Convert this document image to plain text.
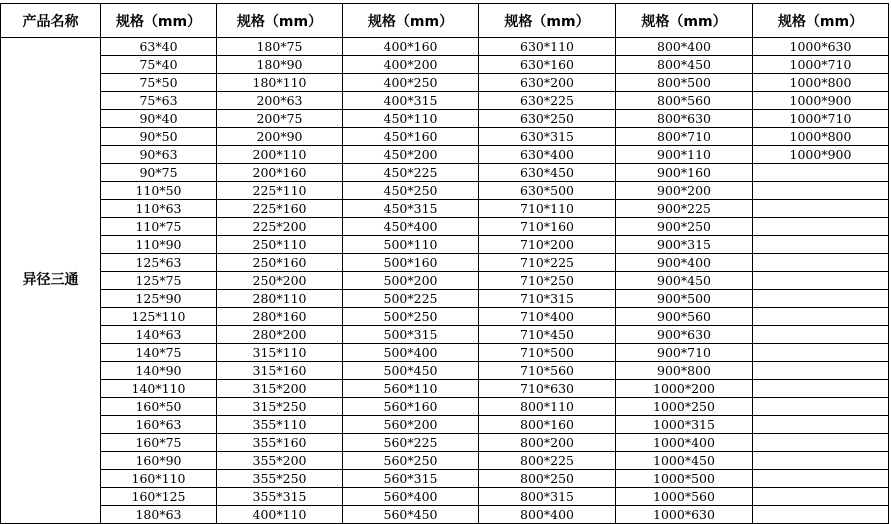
产品名称	规格（mm）	规格（mm）	规格（mm）	规格（mm）	规格（mm）	规格（mm）
异径三通	63*40	180*75	400*160	630*110	800*400	1000*630
	75*40	180*90	400*200	630*160	800*450	1000*710
	75*50	180*110	400*250	630*200	800*500	1000*800
	75*63	200*63	400*315	630*225	800*560	1000*900
	90*40	200*75	450*110	630*250	800*630	1000*710
	90*50	200*90	450*160	630*315	800*710	1000*800
	90*63	200*110	450*200	630*400	900*110	1000*900
	90*75	200*160	450*225	630*450	900*160	
	110*50	225*110	450*250	630*500	900*200	
	110*63	225*160	450*315	710*110	900*225	
	110*75	225*200	450*400	710*160	900*250	
	110*90	250*110	500*110	710*200	900*315	
	125*63	250*160	500*160	710*225	900*400	
	125*75	250*200	500*200	710*250	900*450	
	125*90	280*110	500*225	710*315	900*500	
	125*110	280*160	500*250	710*400	900*560	
	140*63	280*200	500*315	710*450	900*630	
	140*75	315*110	500*400	710*500	900*710	
	140*90	315*160	500*450	710*560	900*800	
	140*110	315*200	560*110	710*630	1000*200	
	160*50	315*250	560*160	800*110	1000*250	
	160*63	355*110	560*200	800*160	1000*315	
	160*75	355*160	560*225	800*200	1000*400	
	160*90	355*200	560*250	800*225	1000*450	
	160*110	355*250	560*315	800*250	1000*500	
	160*125	355*315	560*400	800*315	1000*560	
	180*63	400*110	560*450	800*400	1000*630	
